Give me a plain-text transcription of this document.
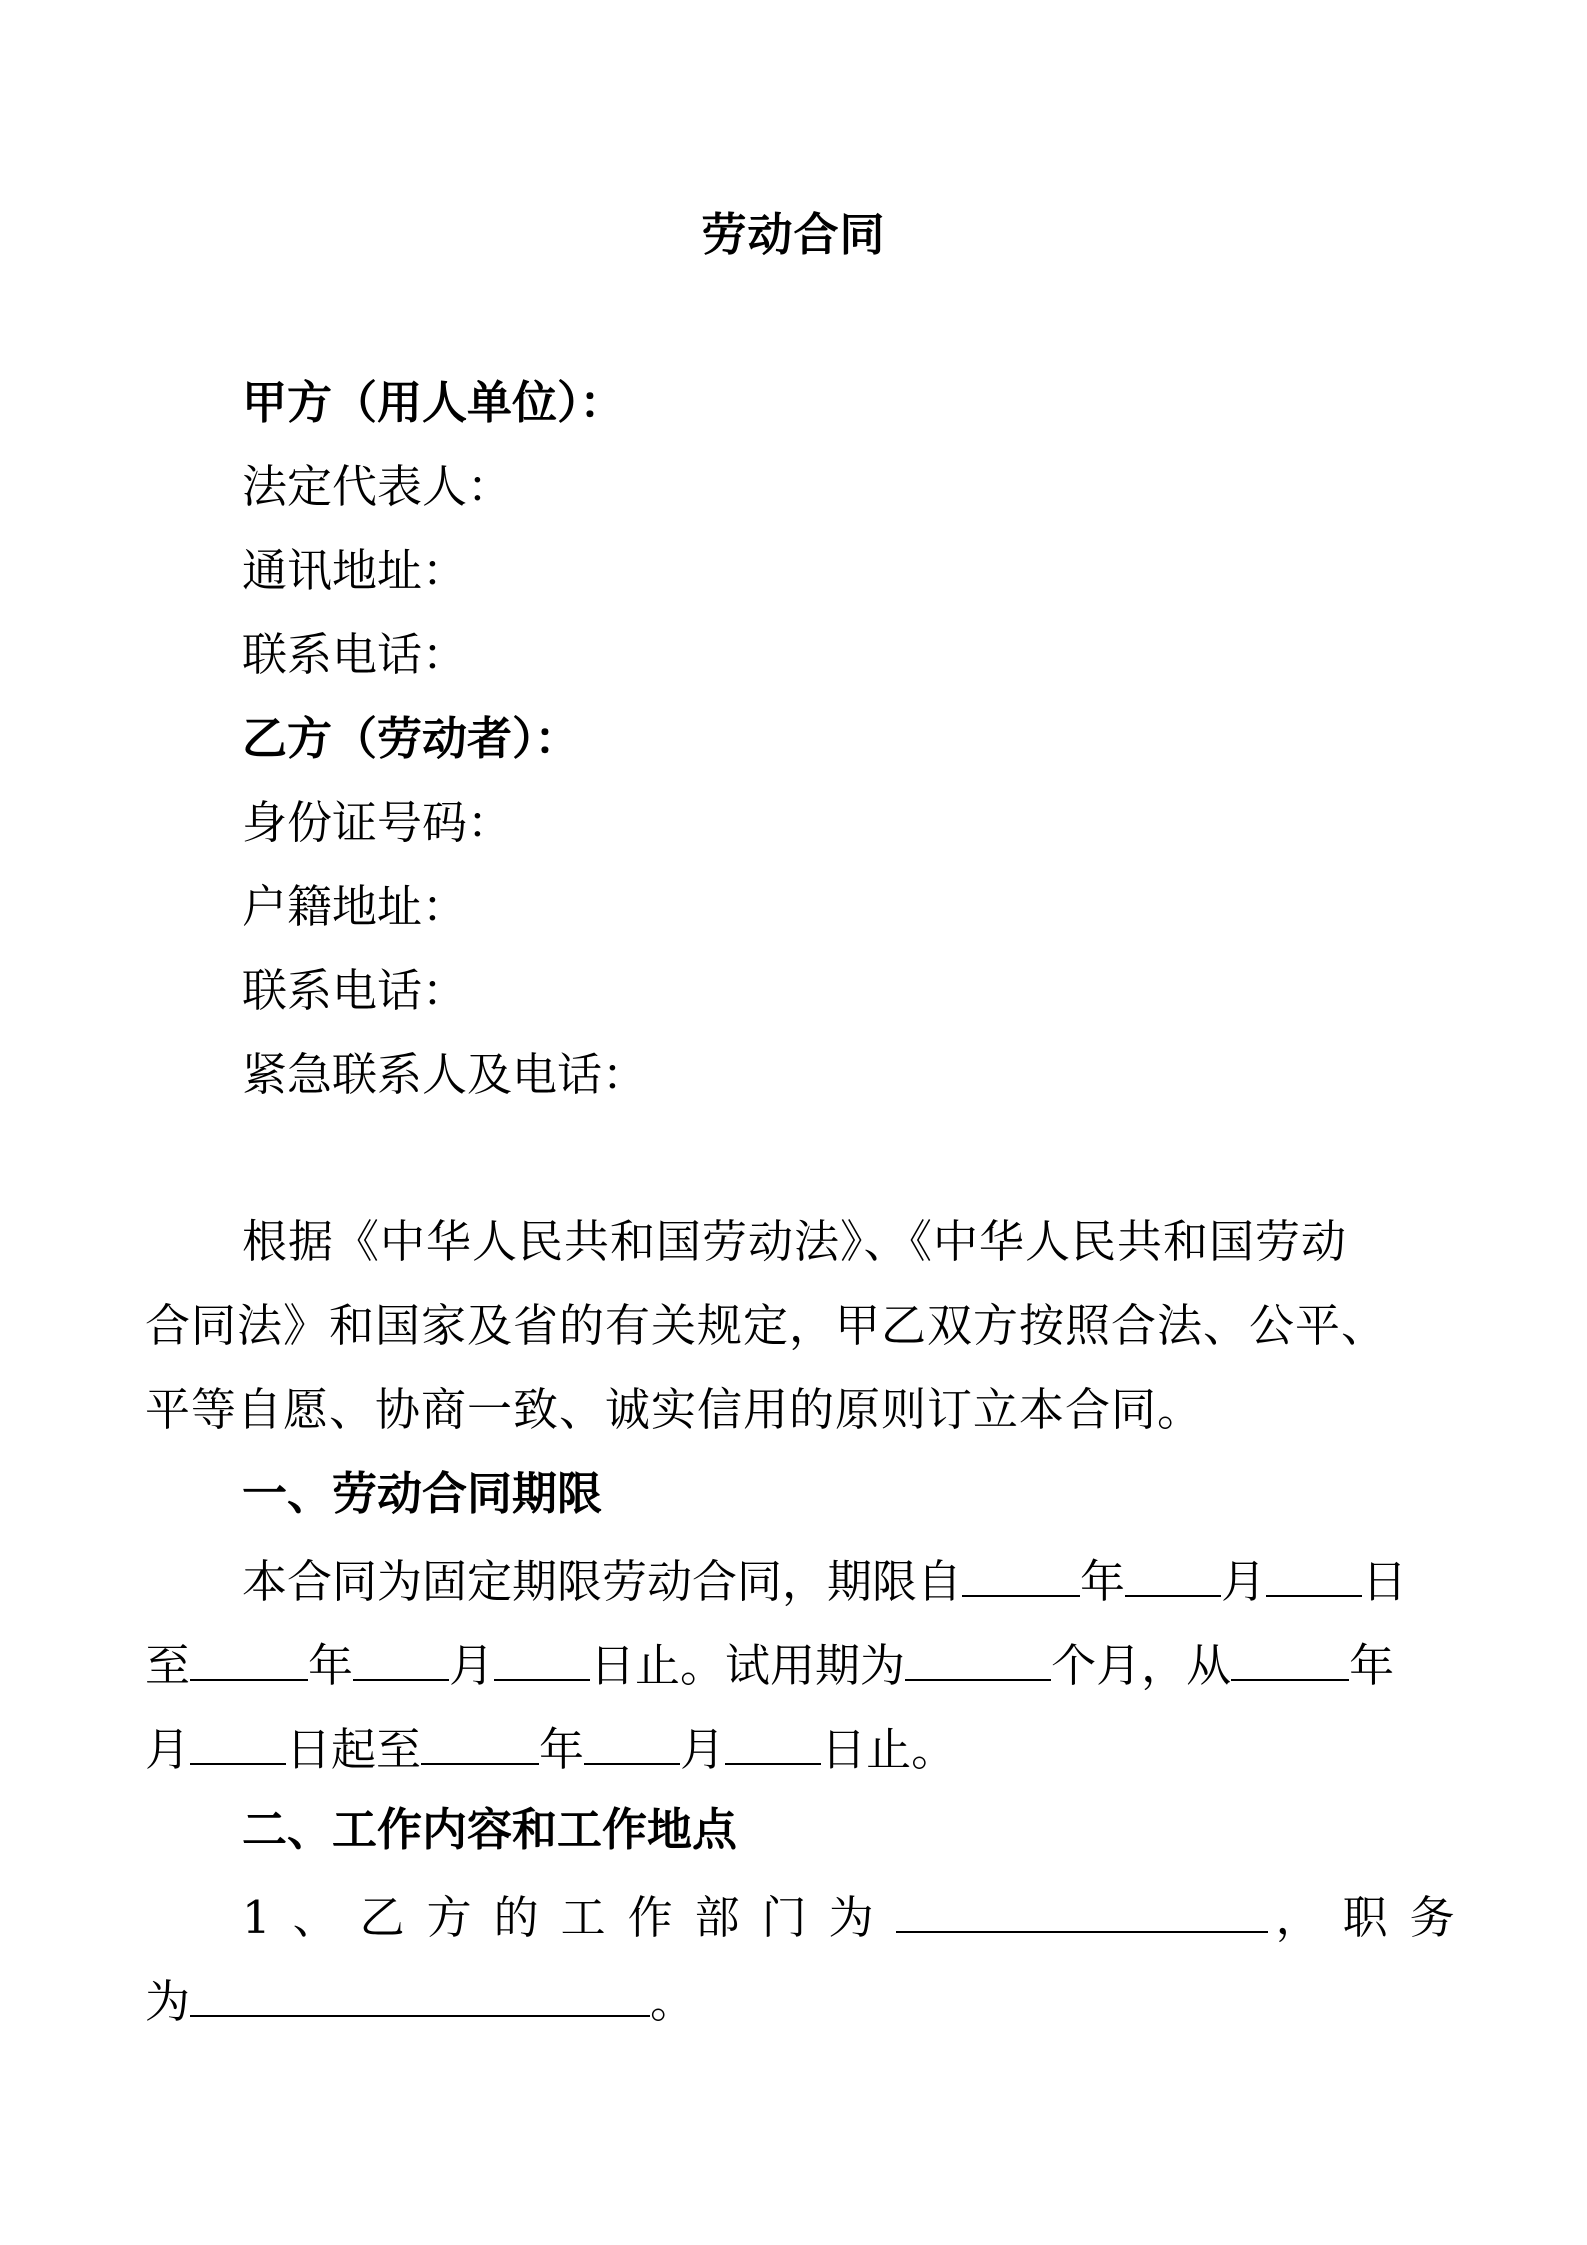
劳动合同
甲方（用人单位）：
法定代表人：
通讯地址：
联系电话：
乙方（劳动者）：
身份证号码：
户籍地址：
联系电话：
紧急联系人及电话：
根据《中华人民共和国劳动法》、《中华人民共和国劳动
合同法》和国家及省的有关规定，甲乙双方按照合法、公平、
平等自愿、协商一致、诚实信用的原则订立本合同。
一、劳动合同期限
本合同为固定期限劳动合同，期限自	年 月 日
至	年 月 日止。试用期为	个月，从	年
月 日起至	年 月 日止。
二、工作内容和工作地点
1、乙方的工作部门为	，职务
为	。
